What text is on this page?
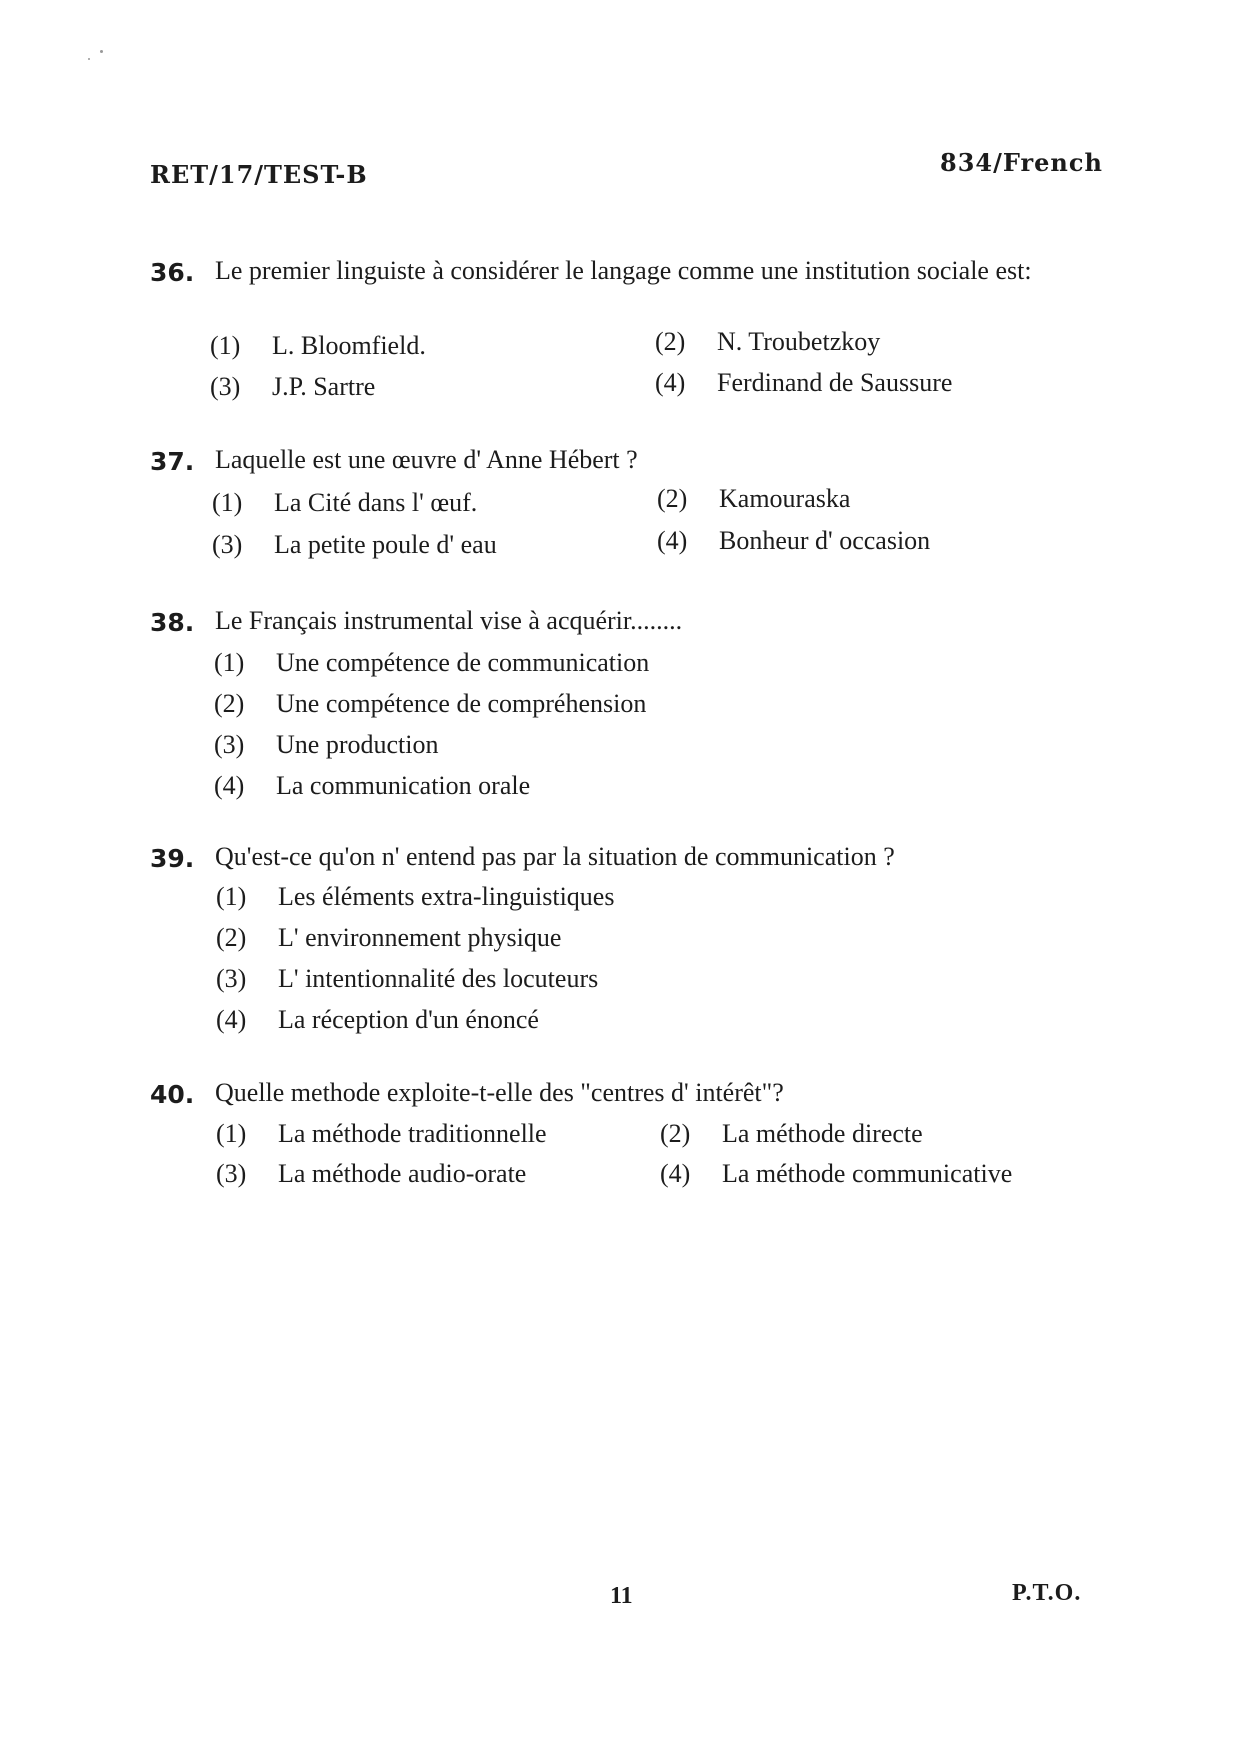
RET/17/TEST-B	834/French
36. Le premier linguiste à considérer le langage comme une institution sociale est:
(1) L. Bloomfield.	(2) N. Troubetzkoy
(3) J.P. Sartre	(4) Ferdinand de Saussure
37. Laquelle est une œuvre d' Anne Hébert ?
(1) La Cité dans l' œuf.	(2) Kamouraska
(3) La petite poule d' eau	(4) Bonheur d' occasion
38. Le Français instrumental vise à acquérir........
(1) Une compétence de communication
(2) Une compétence de compréhension
(3) Une production
(4) La communication orale
39. Qu'est-ce qu'on n' entend pas par la situation de communication ?
(1) Les éléments extra-linguistiques
(2) L' environnement physique
(3) L' intentionnalité des locuteurs
(4) La réception d'un énoncé
40. Quelle methode exploite-t-elle des "centres d' intérêt"?
(1) La méthode traditionnelle	(2) La méthode directe
(3) La méthode audio-orate	(4) La méthode communicative
11	P.T.O.
